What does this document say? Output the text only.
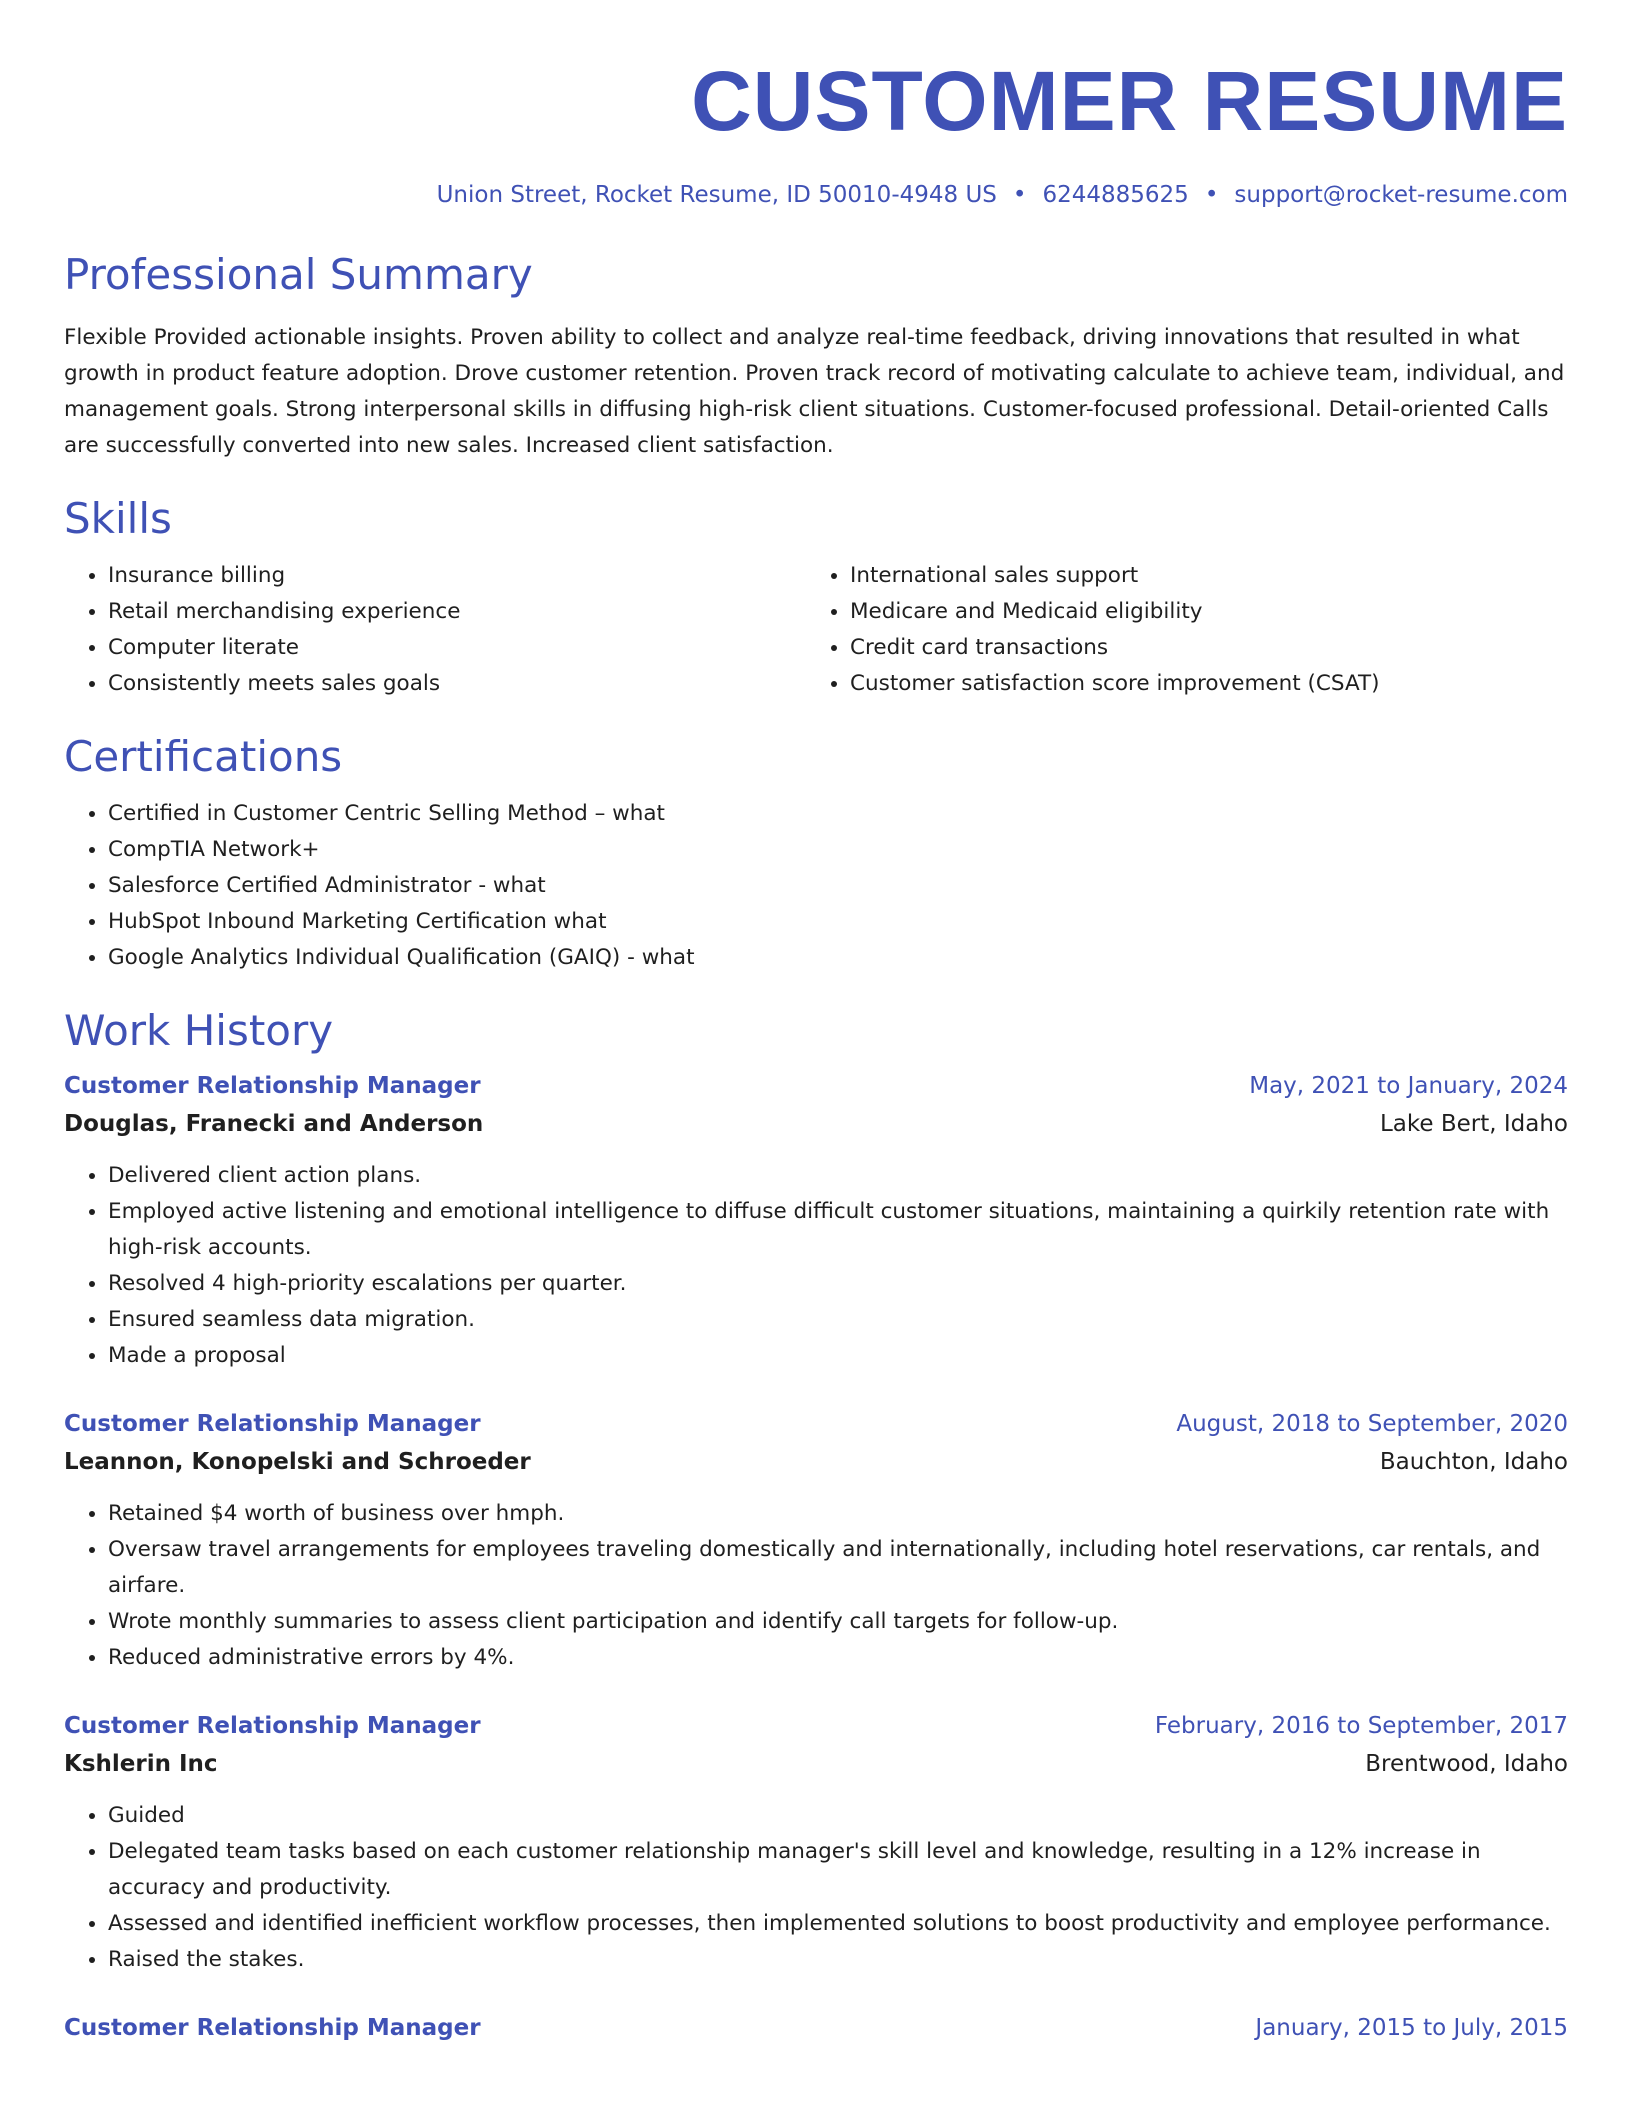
CUSTOMER RESUME
Union Street, Rocket Resume, ID 50010-4948 US • 6244885625 • support@rocket-resume.com
Professional Summary

Flexible Provided actionable insights. Proven ability to collect and analyze real-time feedback, driving innovations that resulted in what growth in product feature adoption. Drove customer retention. Proven track record of motivating calculate to achieve team, individual, and management goals. Strong interpersonal skills in diffusing high-risk client situations. Customer-focused professional. Detail-oriented Calls are successfully converted into new sales. Increased client satisfaction.

Skills
• Insurance billing
• Retail merchandising experience
• Computer literate
• Consistently meets sales goals
• International sales support
• Medicare and Medicaid eligibility
• Credit card transactions
• Customer satisfaction score improvement (CSAT)
Certifications
• Certified in Customer Centric Selling Method – what
• CompTIA Network+
• Salesforce Certified Administrator - what
• HubSpot Inbound Marketing Certification what
• Google Analytics Individual Qualification (GAIQ) - what
Work History
Customer Relationship Manager	May, 2021 to January, 2024
Douglas, Franecki and Anderson	Lake Bert, Idaho
• Delivered client action plans.
• Employed active listening and emotional intelligence to diffuse difficult customer situations, maintaining a quirkily retention rate with high-risk accounts.
• Resolved 4 high-priority escalations per quarter.
• Ensured seamless data migration.
• Made a proposal
Customer Relationship Manager	August, 2018 to September, 2020
Leannon, Konopelski and Schroeder	Bauchton, Idaho
• Retained $4 worth of business over hmph.
• Oversaw travel arrangements for employees traveling domestically and internationally, including hotel reservations, car rentals, and airfare.
• Wrote monthly summaries to assess client participation and identify call targets for follow-up.
• Reduced administrative errors by 4%.
Customer Relationship Manager	February, 2016 to September, 2017
Kshlerin Inc	Brentwood, Idaho
• Guided
• Delegated team tasks based on each customer relationship manager's skill level and knowledge, resulting in a 12% increase in accuracy and productivity.
• Assessed and identified inefficient workflow processes, then implemented solutions to boost productivity and employee performance.
• Raised the stakes.
Customer Relationship Manager	January, 2015 to July, 2015
